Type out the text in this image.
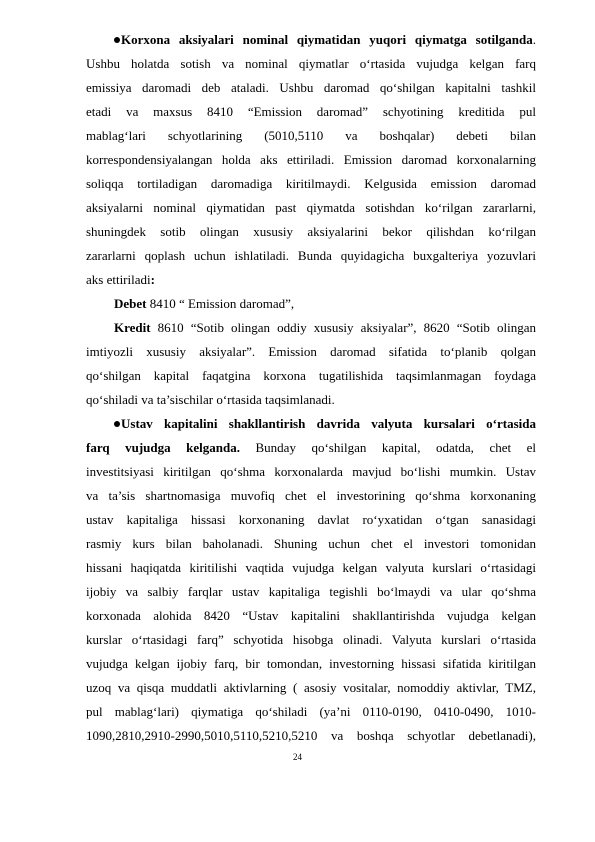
Korxona aksiyalari nominal qiymatidan yuqori qiymatga sotilganda.
Ushbu holatda sotish va nominal qiymatlar o‘rtasida vujudga kelgan farq
emissiya daromadi deb ataladi. Ushbu daromad qo‘shilgan kapitalni tashkil
etadi va maxsus 8410 “Emission daromad” schyotining kreditida pul
mablag‘lari schyotlarining (5010,5110 va boshqalar) debeti bilan
korrespondensiyalangan holda aks ettiriladi. Emission daromad korxonalarning
soliqqa tortiladigan daromadiga kiritilmaydi. Kelgusida emission daromad
aksiyalarni nominal qiymatidan past qiymatda sotishdan ko‘rilgan zararlarni,
shuningdek sotib olingan xususiy aksiyalarini bekor qilishdan ko‘rilgan
zararlarni qoplash uchun ishlatiladi. Bunda quyidagicha buxgalteriya yozuvlari
aks ettiriladi:
Debet 8410 “ Emission daromad”,
Kredit 8610 “Sotib olingan oddiy xususiy aksiyalar”, 8620 “Sotib olingan
imtiyozli xususiy aksiyalar”. Emission daromad sifatida to‘planib qolgan
qo‘shilgan kapital faqatgina korxona tugatilishida taqsimlanmagan foydaga
qo‘shiladi va ta’sischilar o‘rtasida taqsimlanadi.
Ustav kapitalini shakllantirish davrida valyuta kursalari o‘rtasida
farq vujudga kelganda. Bunday qo‘shilgan kapital, odatda, chet el
investitsiyasi kiritilgan qo‘shma korxonalarda mavjud bo‘lishi mumkin. Ustav
va ta’sis shartnomasiga muvofiq chet el investorining qo‘shma korxonaning
ustav kapitaliga hissasi korxonaning davlat ro‘yxatidan o‘tgan sanasidagi
rasmiy kurs bilan baholanadi. Shuning uchun chet el investori tomonidan
hissani haqiqatda kiritilishi vaqtida vujudga kelgan valyuta kurslari o‘rtasidagi
ijobiy va salbiy farqlar ustav kapitaliga tegishli bo‘lmaydi va ular qo‘shma
korxonada alohida 8420 “Ustav kapitalini shakllantirishda vujudga kelgan
kurslar o‘rtasidagi farq” schyotida hisobga olinadi. Valyuta kurslari o‘rtasida
vujudga kelgan ijobiy farq, bir tomondan, investorning hissasi sifatida kiritilgan
uzoq va qisqa muddatli aktivlarning ( asosiy vositalar, nomoddiy aktivlar, TMZ,
pul mablag‘lari) qiymatiga qo‘shiladi (ya’ni 0110-0190, 0410-0490, 1010-
1090,2810,2910-2990,5010,5110,5210,5210 va boshqa schyotlar debetlanadi),
24
